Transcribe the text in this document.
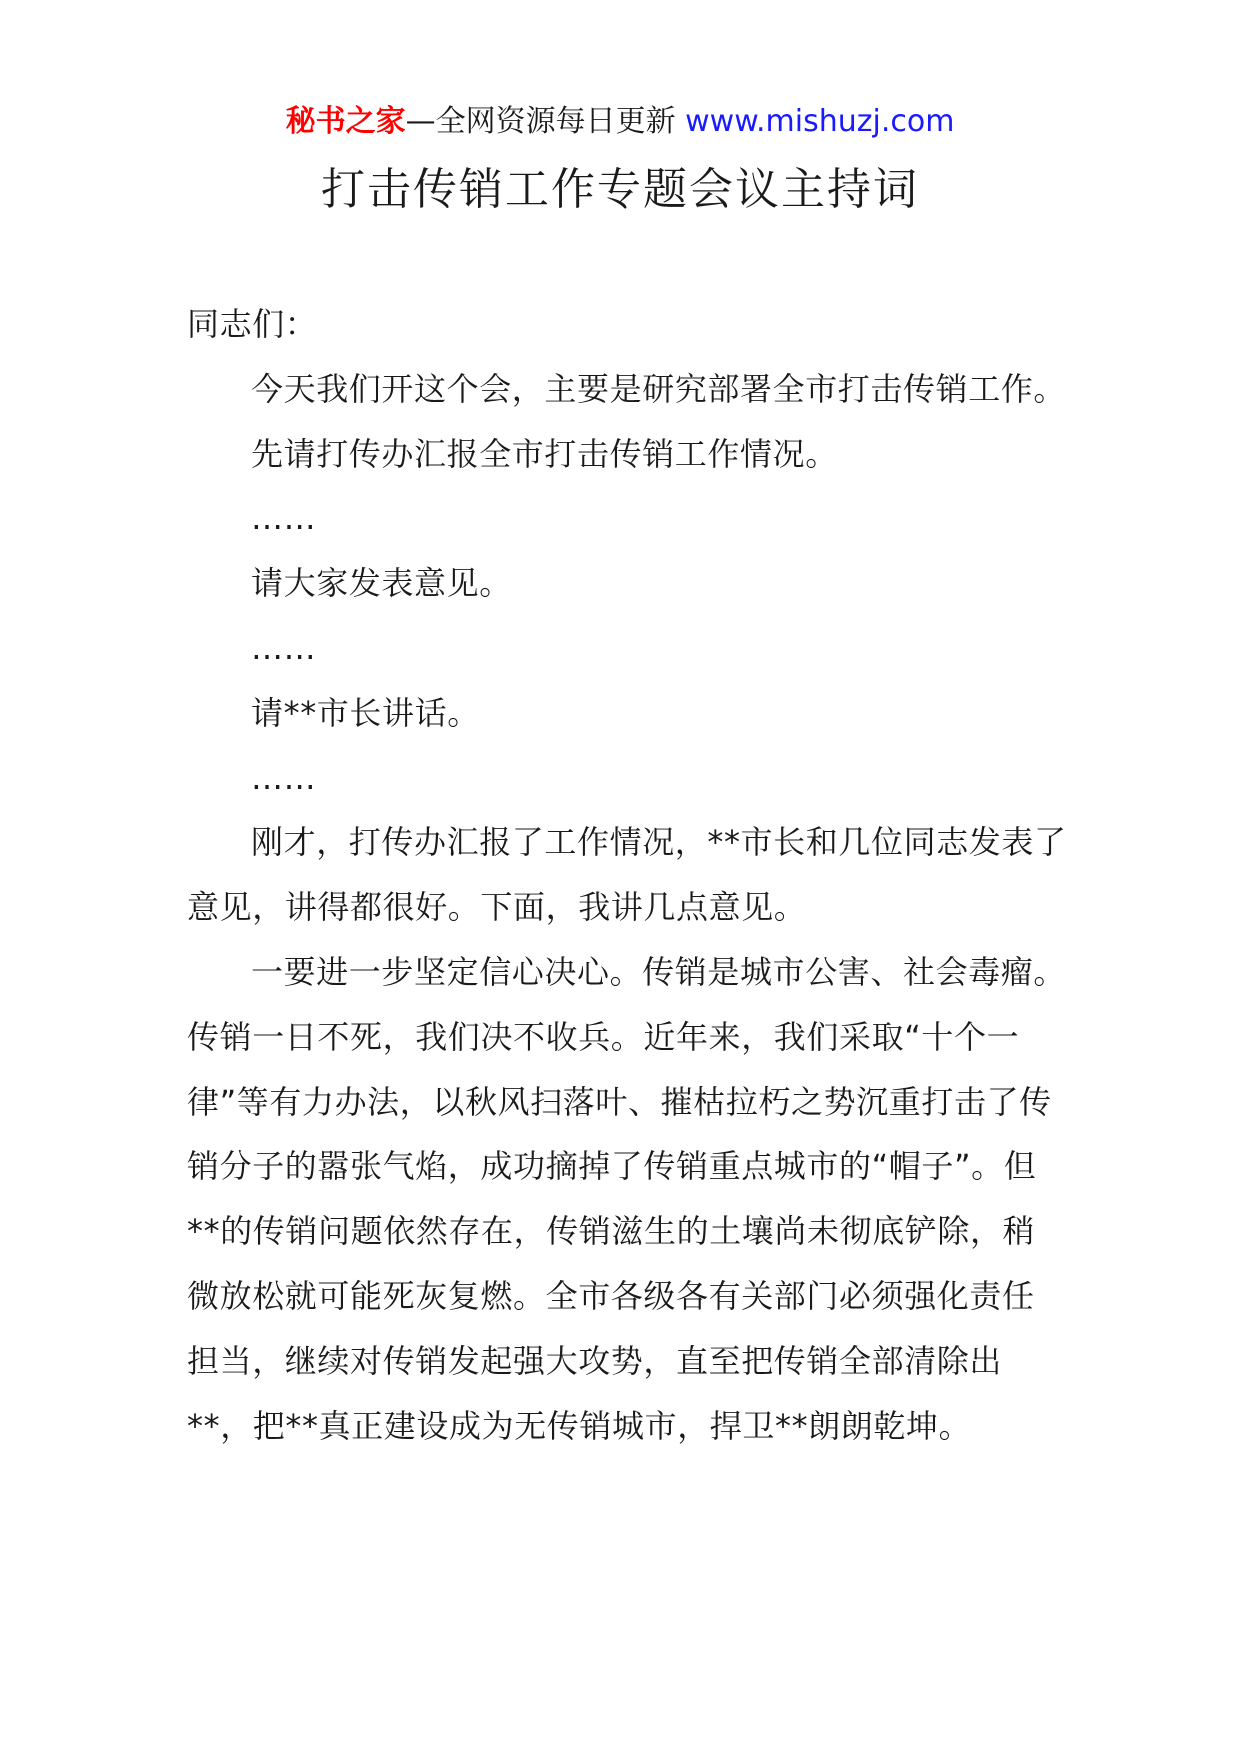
秘书之家—全网资源每日更新 www.mishuzj.com
打击传销工作专题会议主持词

同志们：

今天我们开这个会，主要是研究部署全市打击传销工作。

先请打传办汇报全市打击传销工作情况。

……

请大家发表意见。

……

请**市长讲话。

……

刚才，打传办汇报了工作情况，**市长和几位同志发表了意见，讲得都很好。下面，我讲几点意见。

一要进一步坚定信心决心。传销是城市公害、社会毒瘤。传销一日不死，我们决不收兵。近年来，我们采取“十个一律”等有力办法，以秋风扫落叶、摧枯拉朽之势沉重打击了传销分子的嚣张气焰，成功摘掉了传销重点城市的“帽子”。但**的传销问题依然存在，传销滋生的土壤尚未彻底铲除，稍微放松就可能死灰复燃。全市各级各有关部门必须强化责任担当，继续对传销发起强大攻势，直至把传销全部清除出**，把**真正建设成为无传销城市，捍卫**朗朗乾坤。
